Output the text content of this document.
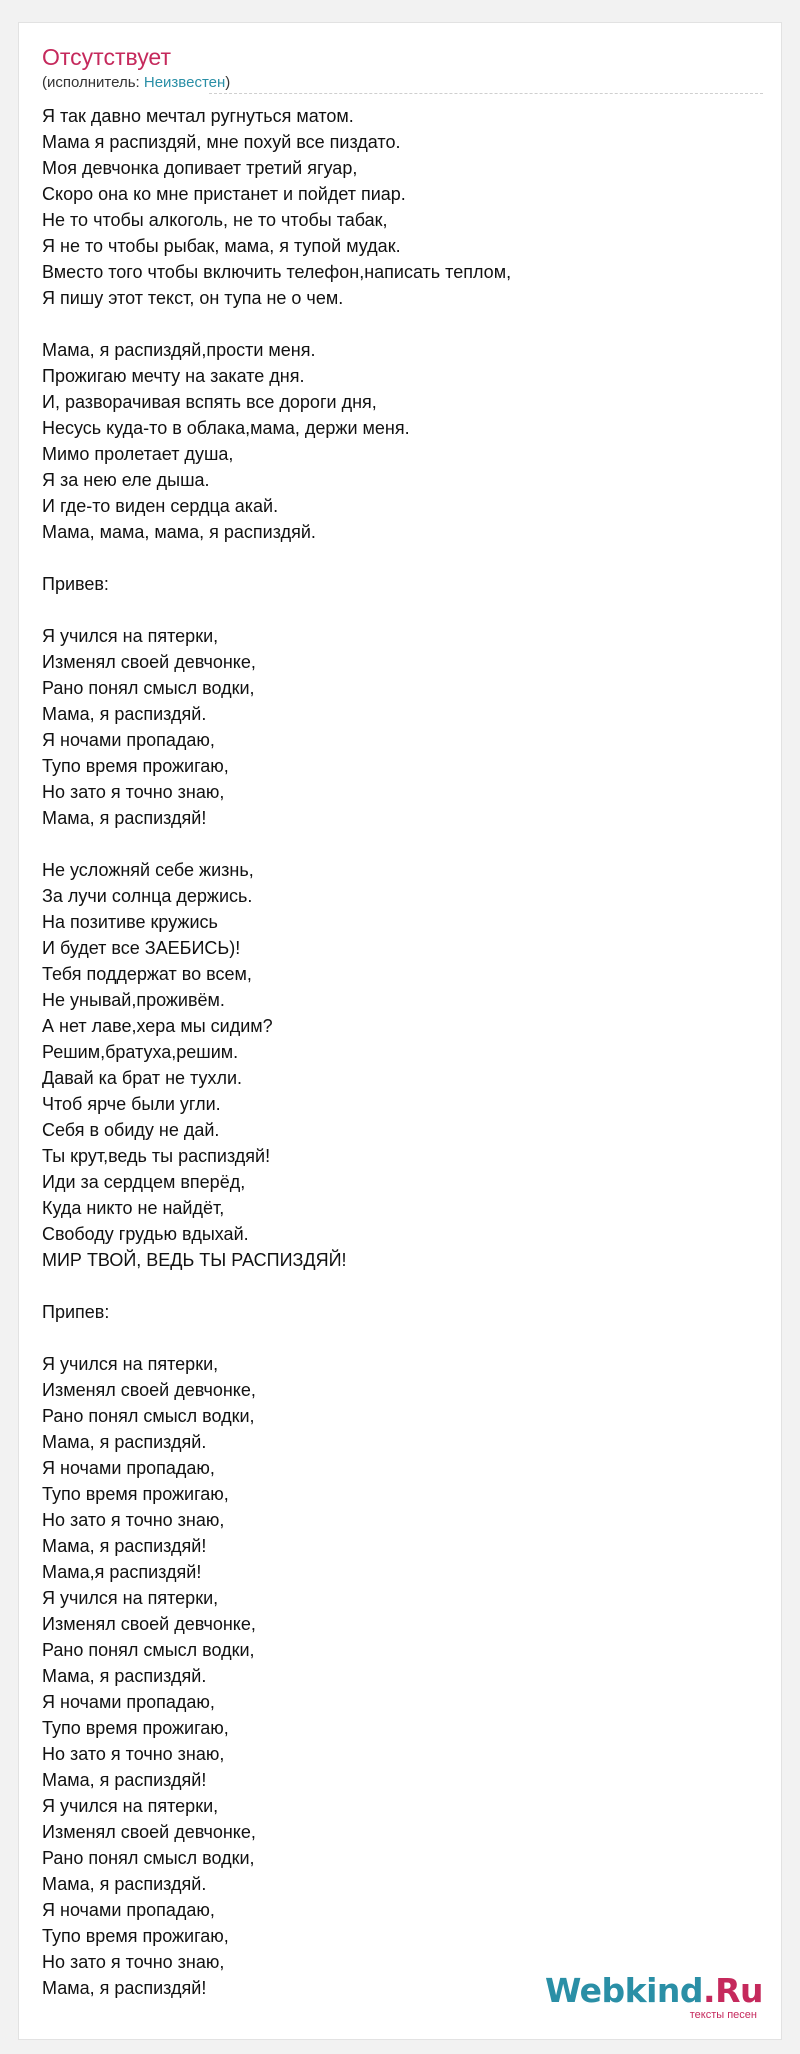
Отсутствует
(исполнитель: Неизвестен)
Я так давно мечтал ругнуться матом.
Мама я распиздяй, мне похуй все пиздато.
Моя девчонка допивает третий ягуар,
Скоро она ко мне пристанет и пойдет пиар.
Не то чтобы алкоголь, не то чтобы табак,
Я не то чтобы рыбак, мама, я тупой мудак.
Вместо того чтобы включить телефон,написать теплом,
Я пишу этот текст, он тупа не о чем.
Мама, я распиздяй,прости меня.
Прожигаю мечту на закате дня.
И, разворачивая вспять все дороги дня,
Несусь куда-то в облака,мама, держи меня.
Мимо пролетает душа,
Я за нею еле дыша.
И где-то виден сердца акай.
Мама, мама, мама, я распиздяй.
Привев:
Я учился на пятерки,
Изменял своей девчонке,
Рано понял смысл водки,
Мама, я распиздяй.
Я ночами пропадаю,
Тупо время прожигаю,
Но зато я точно знаю,
Мама, я распиздяй!
Не усложняй себе жизнь,
За лучи солнца держись.
На позитиве кружись
И будет все ЗАЕБИСЬ)!
Тебя поддержат во всем,
Не унывай,проживём.
А нет лаве,хера мы сидим?
Решим,братуха,решим.
Давай ка брат не тухли.
Чтоб ярче были угли.
Себя в обиду не дай.
Ты крут,ведь ты распиздяй!
Иди за сердцем вперёд,
Куда никто не найдёт,
Свободу грудью вдыхай.
МИР ТВОЙ, ВЕДЬ ТЫ РАСПИЗДЯЙ!
Припев:
Я учился на пятерки,
Изменял своей девчонке,
Рано понял смысл водки,
Мама, я распиздяй.
Я ночами пропадаю,
Тупо время прожигаю,
Но зато я точно знаю,
Мама, я распиздяй!
Мама,я распиздяй!
Я учился на пятерки,
Изменял своей девчонке,
Рано понял смысл водки,
Мама, я распиздяй.
Я ночами пропадаю,
Тупо время прожигаю,
Но зато я точно знаю,
Мама, я распиздяй!
Я учился на пятерки,
Изменял своей девчонке,
Рано понял смысл водки,
Мама, я распиздяй.
Я ночами пропадаю,
Тупо время прожигаю,
Но зато я точно знаю,
Мама, я распиздяй!	Webkind.Ru
тексты песен
